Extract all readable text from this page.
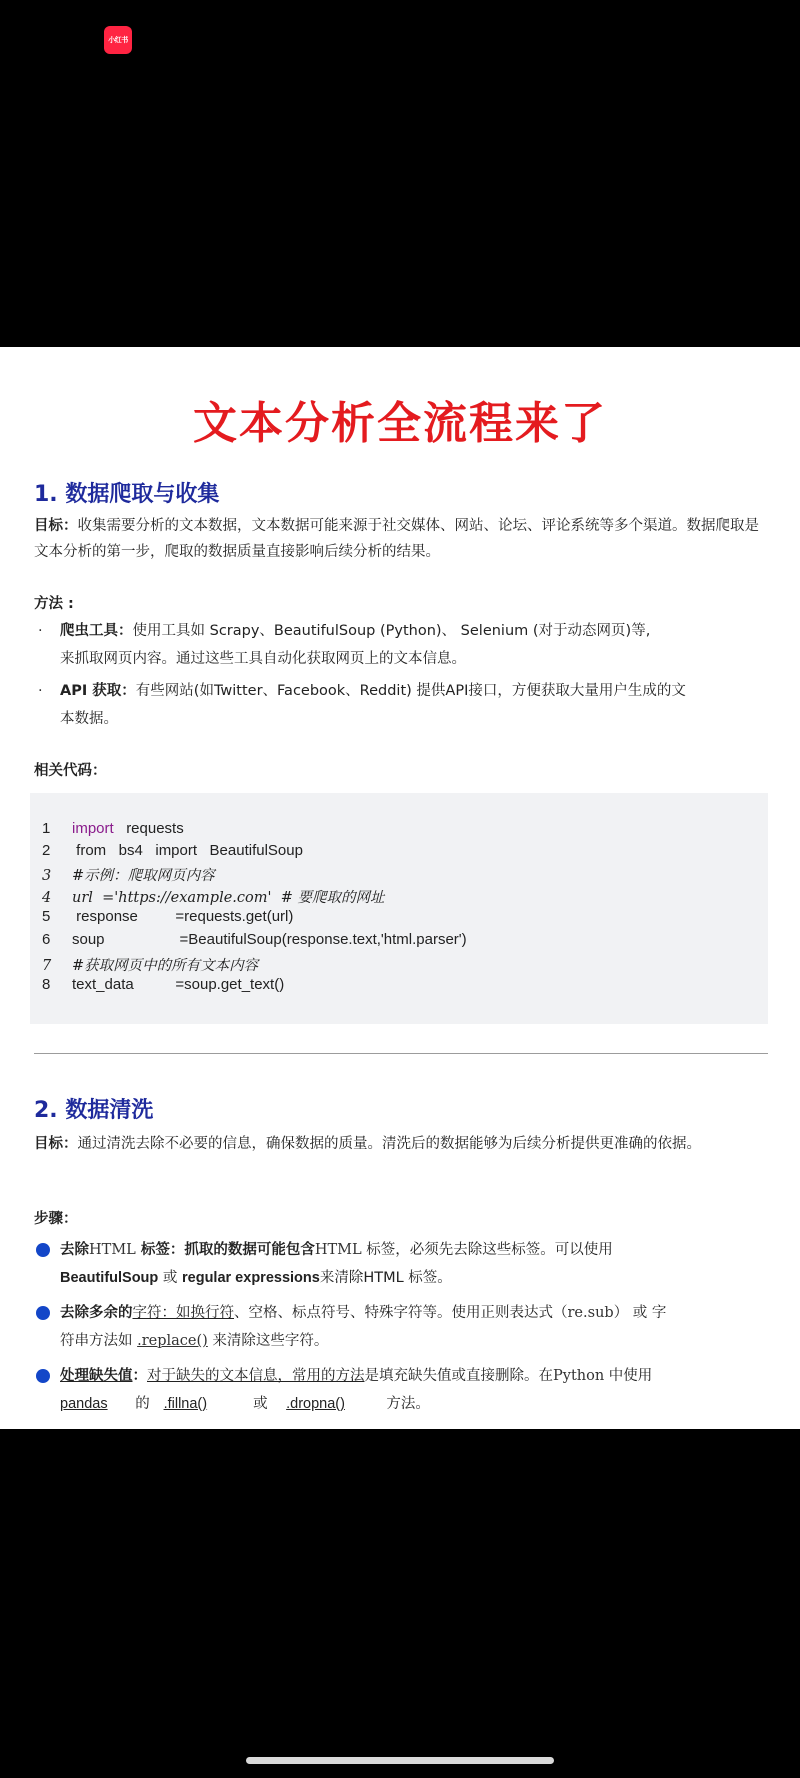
小红书
文本分析全流程来了
1. 数据爬取与收集
目标：收集需要分析的文本数据，文本数据可能来源于社交媒体、网站、论坛、评论系统等多个渠道。数据爬取是文本分析的第一步，爬取的数据质量直接影响后续分析的结果。
方法 :
· 爬虫工具：使用工具如 Scrapy、BeautifulSoup (Python)、 Selenium (对于动态网页)等,
来抓取网页内容。通过这些工具自动化获取网页上的文本信息。
· API 获取：有些网站(如Twitter、Facebook、Reddit) 提供API接口，方便获取大量用户生成的文
本数据。
相关代码：
1 import   requests
2 from   bs4   import   BeautifulSoup
3 #示例：爬取网页内容
4 url  ='https://example.com'  # 要爬取的网址
5 response         =requests.get(url)
6 soup                  =BeautifulSoup(response.text,'html.parser')
7 #获取网页中的所有文本内容
8 text_data          =soup.get_text()
2. 数据清洗
目标：通过清洗去除不必要的信息，确保数据的质量。清洗后的数据能够为后续分析提供更准确的依据。
步骤：
去除HTML 标签：抓取的数据可能包含HTML 标签，必须先去除这些标签。可以使用
BeautifulSoup 或 regular expressions来清除HTML 标签。
去除多余的字符：如换行符、空格、标点符号、特殊字符等。使用正则表达式（re.sub） 或 字
符串方法如 .replace() 来清除这些字符。
处理缺失值：对于缺失的文本信息，常用的方法是填充缺失值或直接删除。在Python 中使用
pandas      的   .fillna()          或    .dropna()         方法。
